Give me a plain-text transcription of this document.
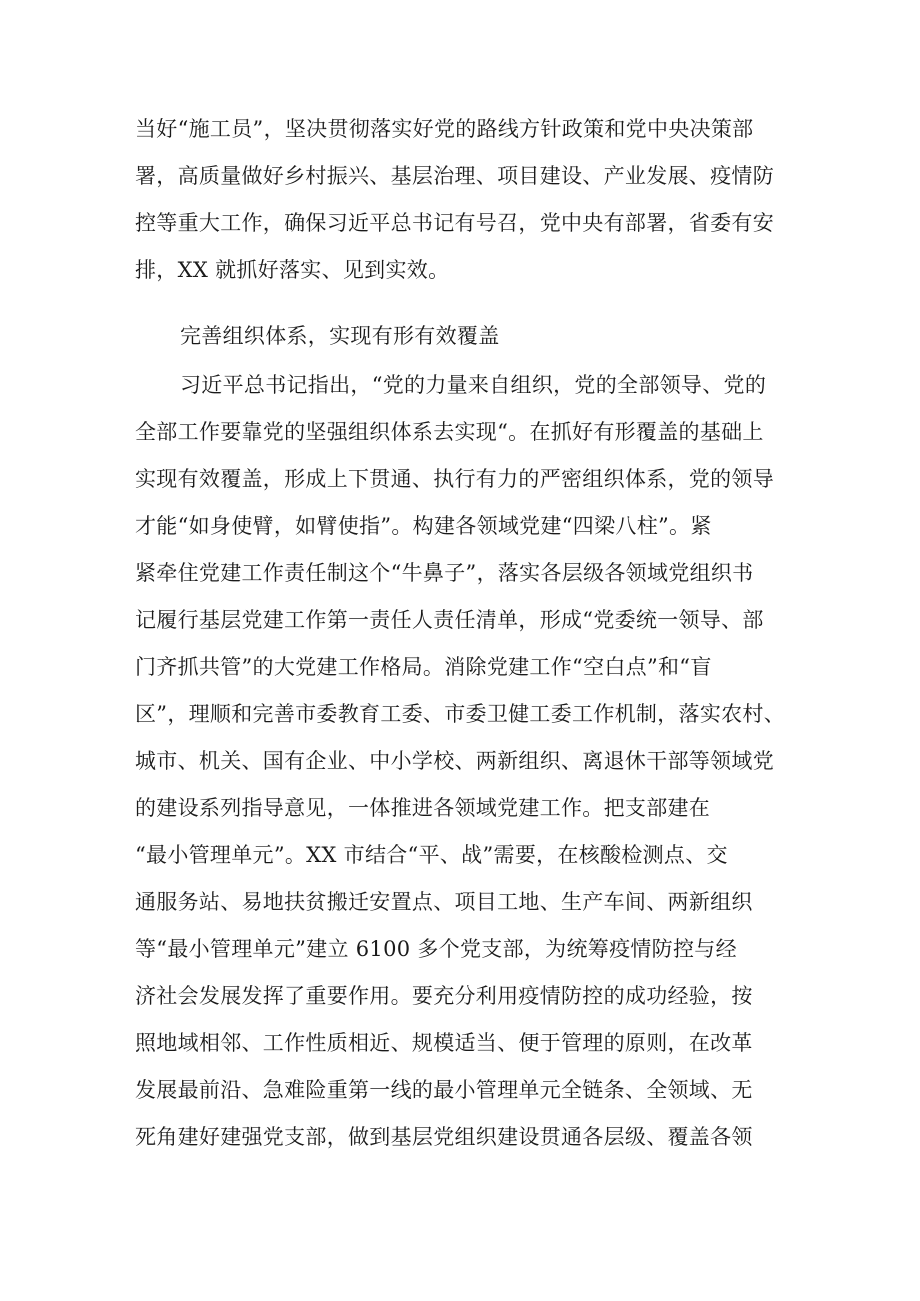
当好“施工员”，坚决贯彻落实好党的路线方针政策和党中央决策部
署，高质量做好乡村振兴、基层治理、项目建设、产业发展、疫情防
控等重大工作，确保习近平总书记有号召，党中央有部署，省委有安
排，XX 就抓好落实、见到实效。
完善组织体系，实现有形有效覆盖
习近平总书记指出，“党的力量来自组织，党的全部领导、党的
全部工作要靠党的坚强组织体系去实现“。在抓好有形覆盖的基础上
实现有效覆盖，形成上下贯通、执行有力的严密组织体系，党的领导
才能“如身使臂，如臂使指”。构建各领域党建“四梁八柱”。紧
紧牵住党建工作责任制这个“牛鼻子”，落实各层级各领域党组织书
记履行基层党建工作第一责任人责任清单，形成“党委统一领导、部
门齐抓共管”的大党建工作格局。消除党建工作“空白点”和“盲
区”，理顺和完善市委教育工委、市委卫健工委工作机制，落实农村、
城市、机关、国有企业、中小学校、两新组织、离退休干部等领域党
的建设系列指导意见，一体推进各领域党建工作。把支部建在
“最小管理单元”。XX 市结合“平、战”需要，在核酸检测点、交
通服务站、易地扶贫搬迁安置点、项目工地、生产车间、两新组织
等“最小管理单元”建立 6100 多个党支部，为统筹疫情防控与经
济社会发展发挥了重要作用。要充分利用疫情防控的成功经验，按
照地域相邻、工作性质相近、规模适当、便于管理的原则，在改革
发展最前沿、急难险重第一线的最小管理单元全链条、全领域、无
死角建好建强党支部，做到基层党组织建设贯通各层级、覆盖各领
